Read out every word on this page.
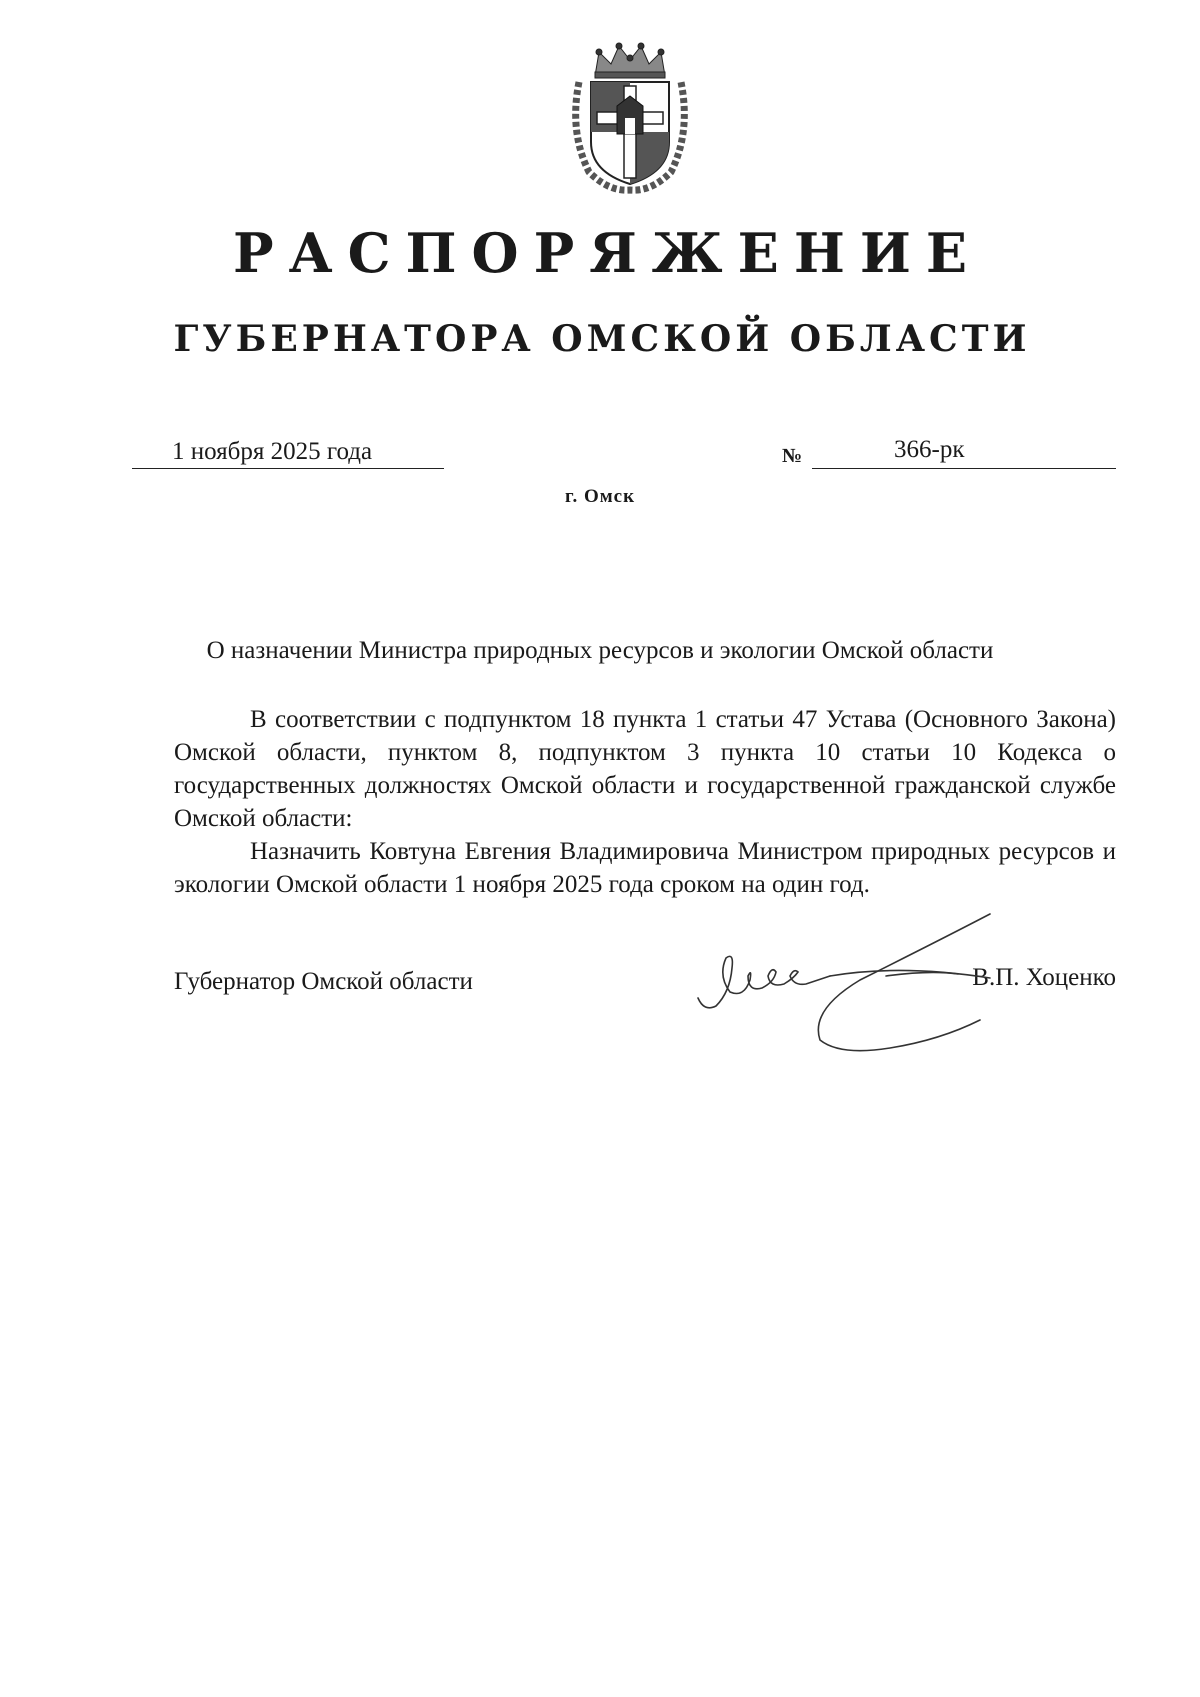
РАСПОРЯЖЕНИЕ
ГУБЕРНАТОРА ОМСКОЙ ОБЛАСТИ
1 ноября 2025 года	№	366-рк
г. Омск
О назначении Министра природных ресурсов и экологии Омской области

В соответствии с подпунктом 18 пункта 1 статьи 47 Устава (Основного Закона) Омской области, пунктом 8, подпунктом 3 пункта 10 статьи 10 Кодекса о государственных должностях Омской области и государственной гражданской службе Омской области:

Назначить Ковтуна Евгения Владимировича Министром природных ресурсов и экологии Омской области 1 ноября 2025 года сроком на один год.

Губернатор Омской области	В.П. Хоценко
